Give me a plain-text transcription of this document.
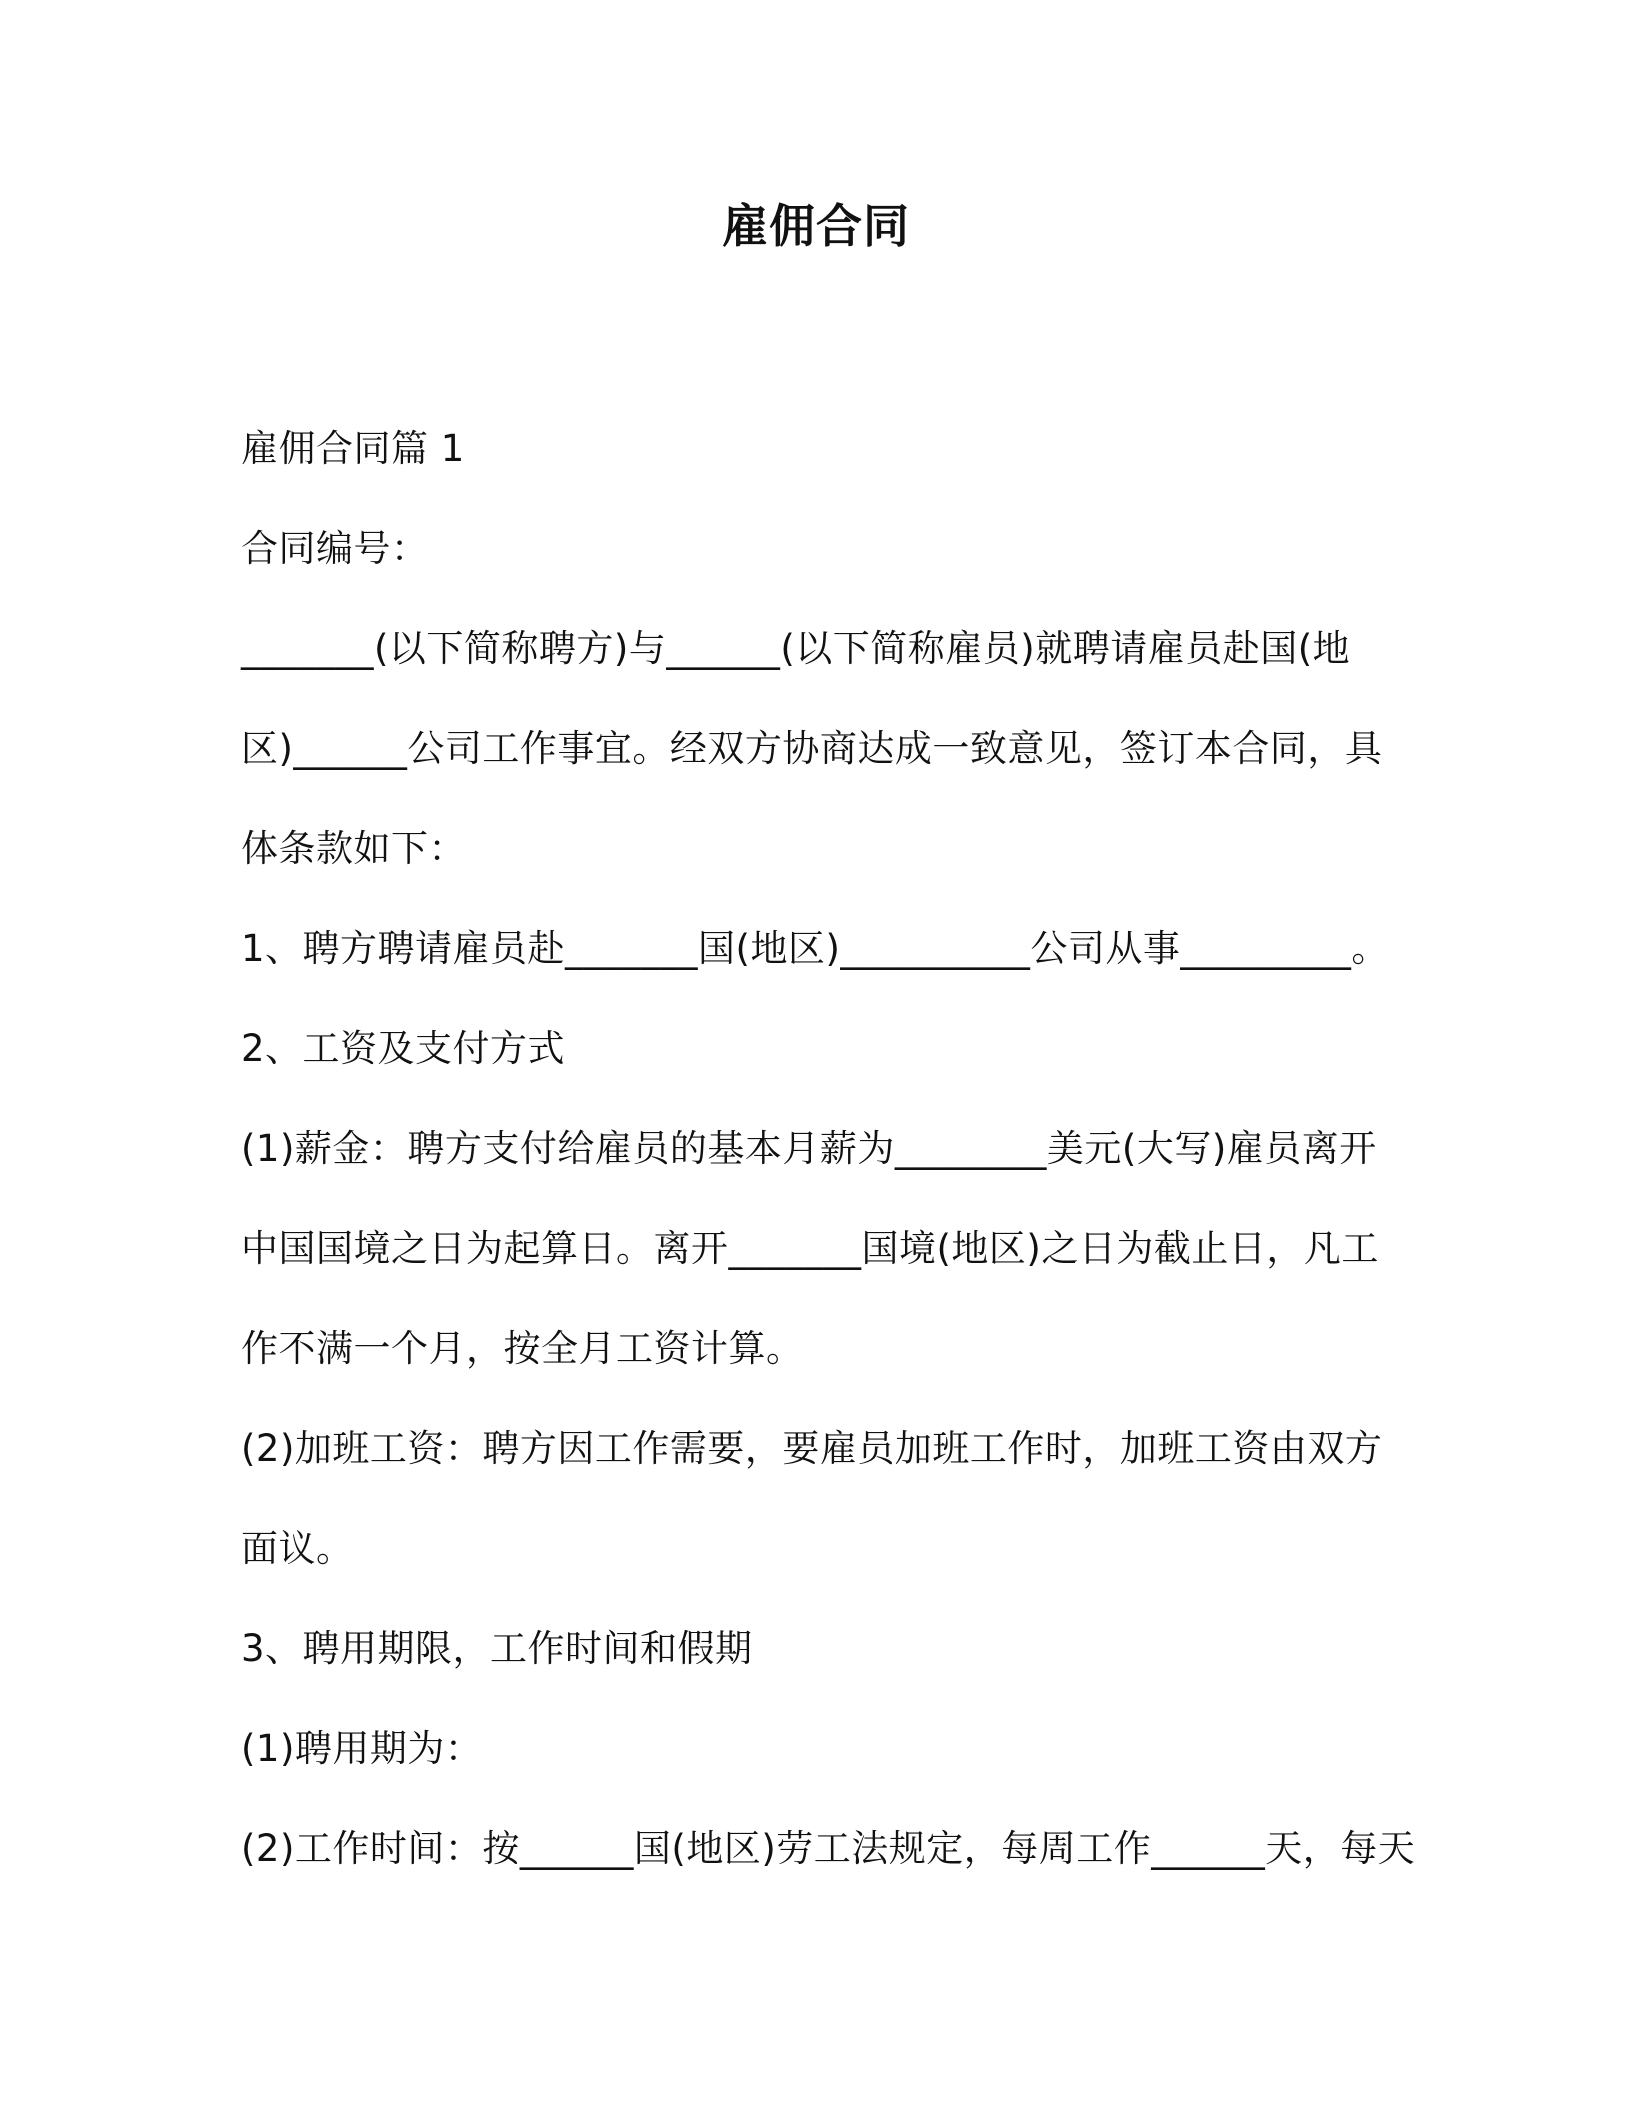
雇佣合同
雇佣合同篇 1
合同编号：
_______(以下简称聘方)与______(以下简称雇员)就聘请雇员赴国(地
区)______公司工作事宜。经双方协商达成一致意见，签订本合同，具
体条款如下：
1、聘方聘请雇员赴_______国(地区)__________公司从事_________。
2、工资及支付方式
(1)薪金：聘方支付给雇员的基本月薪为________美元(大写)雇员离开
中国国境之日为起算日。离开_______国境(地区)之日为截止日，凡工
作不满一个月，按全月工资计算。
(2)加班工资：聘方因工作需要，要雇员加班工作时，加班工资由双方
面议。
3、聘用期限，工作时间和假期
(1)聘用期为：
(2)工作时间：按______国(地区)劳工法规定，每周工作______天，每天
